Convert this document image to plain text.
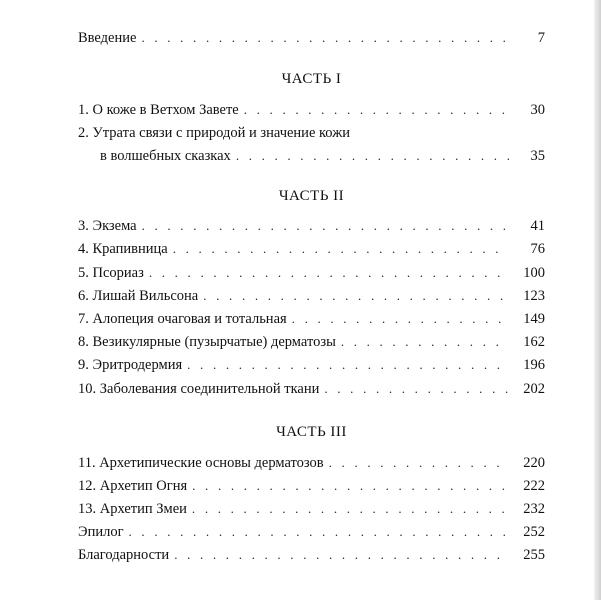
Введение . . .	7
ЧАСТЬ I
1. О коже в Ветхом Завете . . .	30
2. Утрата связи с природой и значение кожи
в волшебных сказках . . .	35
ЧАСТЬ II
3. Экзема . . .	41
4. Крапивница . . .	76
5. Псориаз . . .	100
6. Лишай Вильсона . . .	123
7. Алопеция очаговая и тотальная . . .	149
8. Везикулярные (пузырчатые) дерматозы . . .	162
9. Эритродермия . . .	196
10. Заболевания соединительной ткани . . .	202
ЧАСТЬ III
11. Архетипические основы дерматозов . . .	220
12. Архетип Огня . . .	222
13. Архетип Змеи . . .	232
Эпилог . . .	252
Благодарности . . .	255
